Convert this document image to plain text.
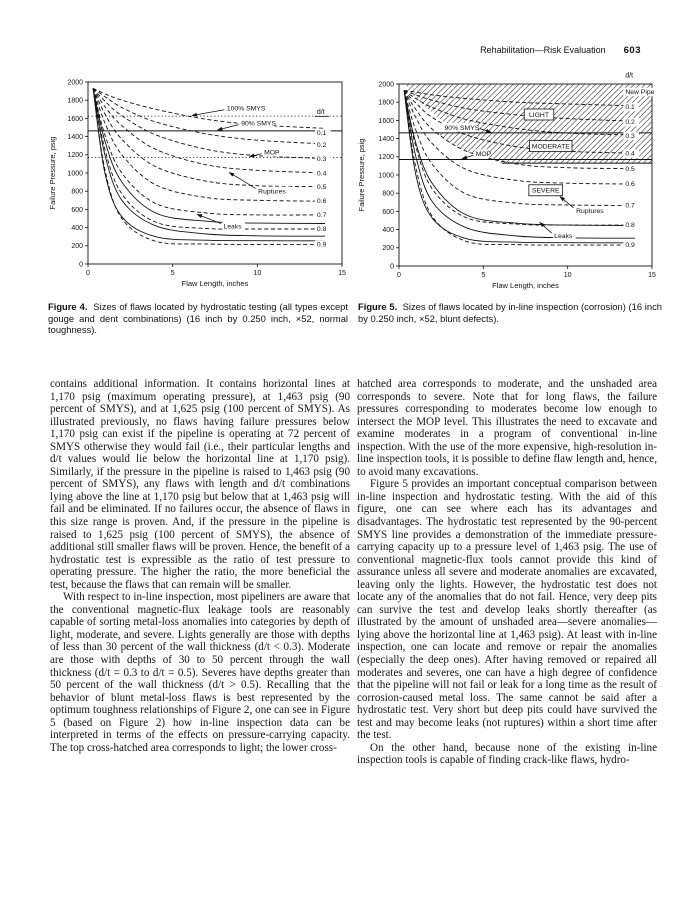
Rehabilitation—Risk Evaluation 603
0
200
400
600
800
1000
1200
1400
1600
1800
2000
0	5	10	15
Flaw Length, inches
Failure Pressure, psig
d/t
0.1
0.2
0.3
0.4
0.5
0.6
0.7
0.8
0.9
100% SMYS
90% SMYS
MOP
Ruptures
Leaks
0
200
400
600
800
1000
1200
1400
1600
1800
2000
0	5	10	15
Flaw Length, inches
Failure Pressure, psig
d/t
New Pipe
0.1
0.2
0.3
0.4
0.5
0.6
0.7
0.8
0.9
LIGHT
MODERATE
SEVERE
90% SMYS
MOP
Ruptures
Leaks

Figure 4. Sizes of flaws located by hydrostatic testing (all types except gouge and dent combinations) (16 inch by 0.250 inch, ×52, normal toughness).

Figure 5. Sizes of flaws located by in-line inspection (corrosion) (16 inch by 0.250 inch, ×52, blunt defects).

contains additional information. It contains horizontal lines at 1,170 psig (maximum operating pressure), at 1,463 psig (90 percent of SMYS), and at 1,625 psig (100 percent of SMYS). As illustrated previously, no flaws having failure pressures below 1,170 psig can exist if the pipeline is operating at 72 percent of SMYS otherwise they would fail (i.e., their particular lengths and d/t values would lie below the horizontal line at 1,170 psig). Similarly, if the pressure in the pipeline is raised to 1,463 psig (90 percent of SMYS), any flaws with length and d/t combinations lying above the line at 1,170 psig but below that at 1,463 psig will fail and be eliminated. If no failures occur, the absence of flaws in this size range is proven. And, if the pressure in the pipeline is raised to 1,625 psig (100 percent of SMYS), the absence of additional still smaller flaws will be proven. Hence, the benefit of a hydrostatic test is expressible as the ratio of test pressure to operating pressure. The higher the ratio, the more beneficial the test, because the flaws that can remain will be smaller.

With respect to in-line inspection, most pipeliners are aware that the conventional magnetic-flux leakage tools are reasonably capable of sorting metal-loss anomalies into categories by depth of light, moderate, and severe. Lights generally are those with depths of less than 30 percent of the wall thickness (d/t < 0.3). Moderate are those with depths of 30 to 50 percent through the wall thickness (d/t = 0.3 to d/t = 0.5). Severes have depths greater than 50 percent of the wall thickness (d/t > 0.5). Recalling that the behavior of blunt metal-loss flaws is best represented by the optimum toughness relationships of Figure 2, one can see in Figure 5 (based on Figure 2) how in-line inspection data can be interpreted in terms of the effects on pressure-carrying capacity. The top cross-hatched area corresponds to light; the lower cross-

hatched area corresponds to moderate, and the unshaded area corresponds to severe. Note that for long flaws, the failure pressures corresponding to moderates become low enough to intersect the MOP level. This illustrates the need to excavate and examine moderates in a program of conventional in-line inspection. With the use of the more expensive, high-resolution in-line inspection tools, it is possible to define flaw length and, hence, to avoid many excavations.

Figure 5 provides an important conceptual comparison between in-line inspection and hydrostatic testing. With the aid of this figure, one can see where each has its advantages and disadvantages. The hydrostatic test represented by the 90-percent SMYS line provides a demonstration of the immediate pressure-carrying capacity up to a pressure level of 1,463 psig. The use of conventional magnetic-flux tools cannot provide this kind of assurance unless all severe and moderate anomalies are excavated, leaving only the lights. However, the hydrostatic test does not locate any of the anomalies that do not fail. Hence, very deep pits can survive the test and develop leaks shortly thereafter (as illustrated by the amount of unshaded area—severe anomalies—lying above the horizontal line at 1,463 psig). At least with in-line inspection, one can locate and remove or repair the anomalies (especially the deep ones). After having removed or repaired all moderates and severes, one can have a high degree of confidence that the pipeline will not fail or leak for a long time as the result of corrosion-caused metal loss. The same cannot be said after a hydrostatic test. Very short but deep pits could have survived the test and may become leaks (not ruptures) within a short time after the test.

On the other hand, because none of the existing in-line inspection tools is capable of finding crack-like flaws, hydro-
